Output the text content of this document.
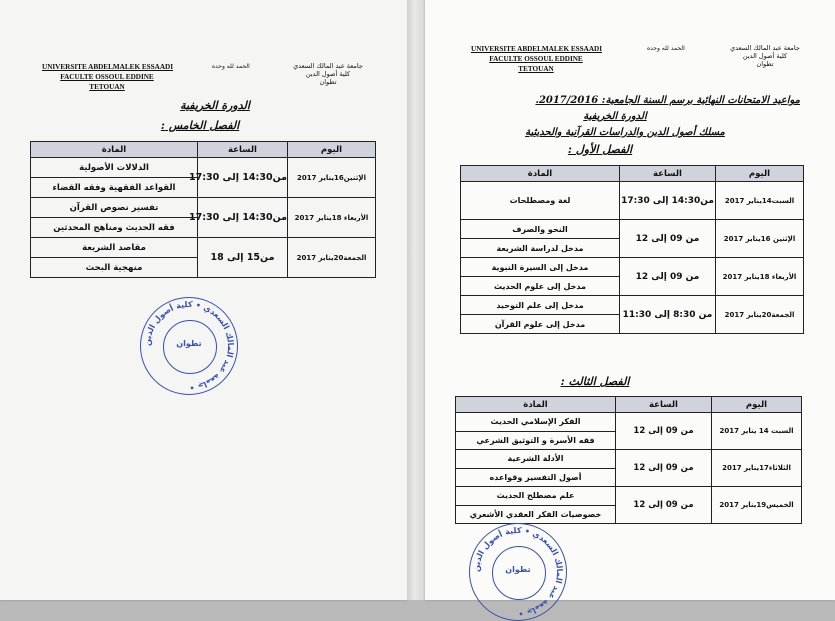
UNIVERSITE ABDELMALEK ESSAADI
FACULTE OSSOUL EDDINE
TETOUAN
الحمد لله وحده	جامعة عبد المالك السعدي
كلية أصول الدين
تطوان
الدورة الخريفية
الفصل الخامس :
اليوم	الساعة	المادة
الإثنين16يناير 2017	من14:30 إلى 17:30	الدلالات الأصولية
		القواعد الفقهية وفقه القضاء
الأربعاء 18يناير 2017	من14:30 إلى 17:30	تفسير نصوص القرآن
		فقه الحديث ومناهج المحدثين
الجمعة20يناير 2017	من15 إلى 18	مقاصد الشريعة
		منهجية البحث
جامعة عبد المالك السعدي • كلية أصول الدين •
تطوان
UNIVERSITE ABDELMALEK ESSAADI
FACULTE OSSOUL EDDINE
TETOUAN
الحمد لله وحده	جامعة عبد المالك السعدي
كلية أصول الدين
تطوان
مواعيد الامتحانات النهائية برسم السنة الجامعية: 2017/2016.
الدورة الخريفية
مسلك أصول الدين والدراسات القرآنية والحديثية
الفصل الأول :
اليوم	الساعة	المادة
السبت14يناير 2017	من14:30 إلى 17:30	لغة ومصطلحات
الإثنين 16يناير 2017	من 09 إلى 12	النحو والصرف
		مدخل لدراسة الشريعة
الأربعاء 18يناير 2017	من 09 إلى 12	مدخل إلى السيرة النبوية
		مدخل إلى علوم الحديث
الجمعة20يناير 2017	من 8:30 إلى 11:30	مدخل إلى علم التوحيد
		مدخل إلى علوم القرآن
الفصل الثالث :
اليوم	الساعة	المادة
السبت 14 يناير 2017	من 09 إلى 12	الفكر الإسلامي الحديث
		فقه الأسرة و التوثيق الشرعي
الثلاثاء17يناير 2017	من 09 إلى 12	الأدلة الشرعية
		أصول التفسير وقواعده
الخميس19يناير 2017	من 09 إلى 12	علم مصطلح الحديث
		خصوصيات الفكر العقدي الأشعري
جامعة عبد المالك السعدي • كلية أصول الدين •
تطوان
